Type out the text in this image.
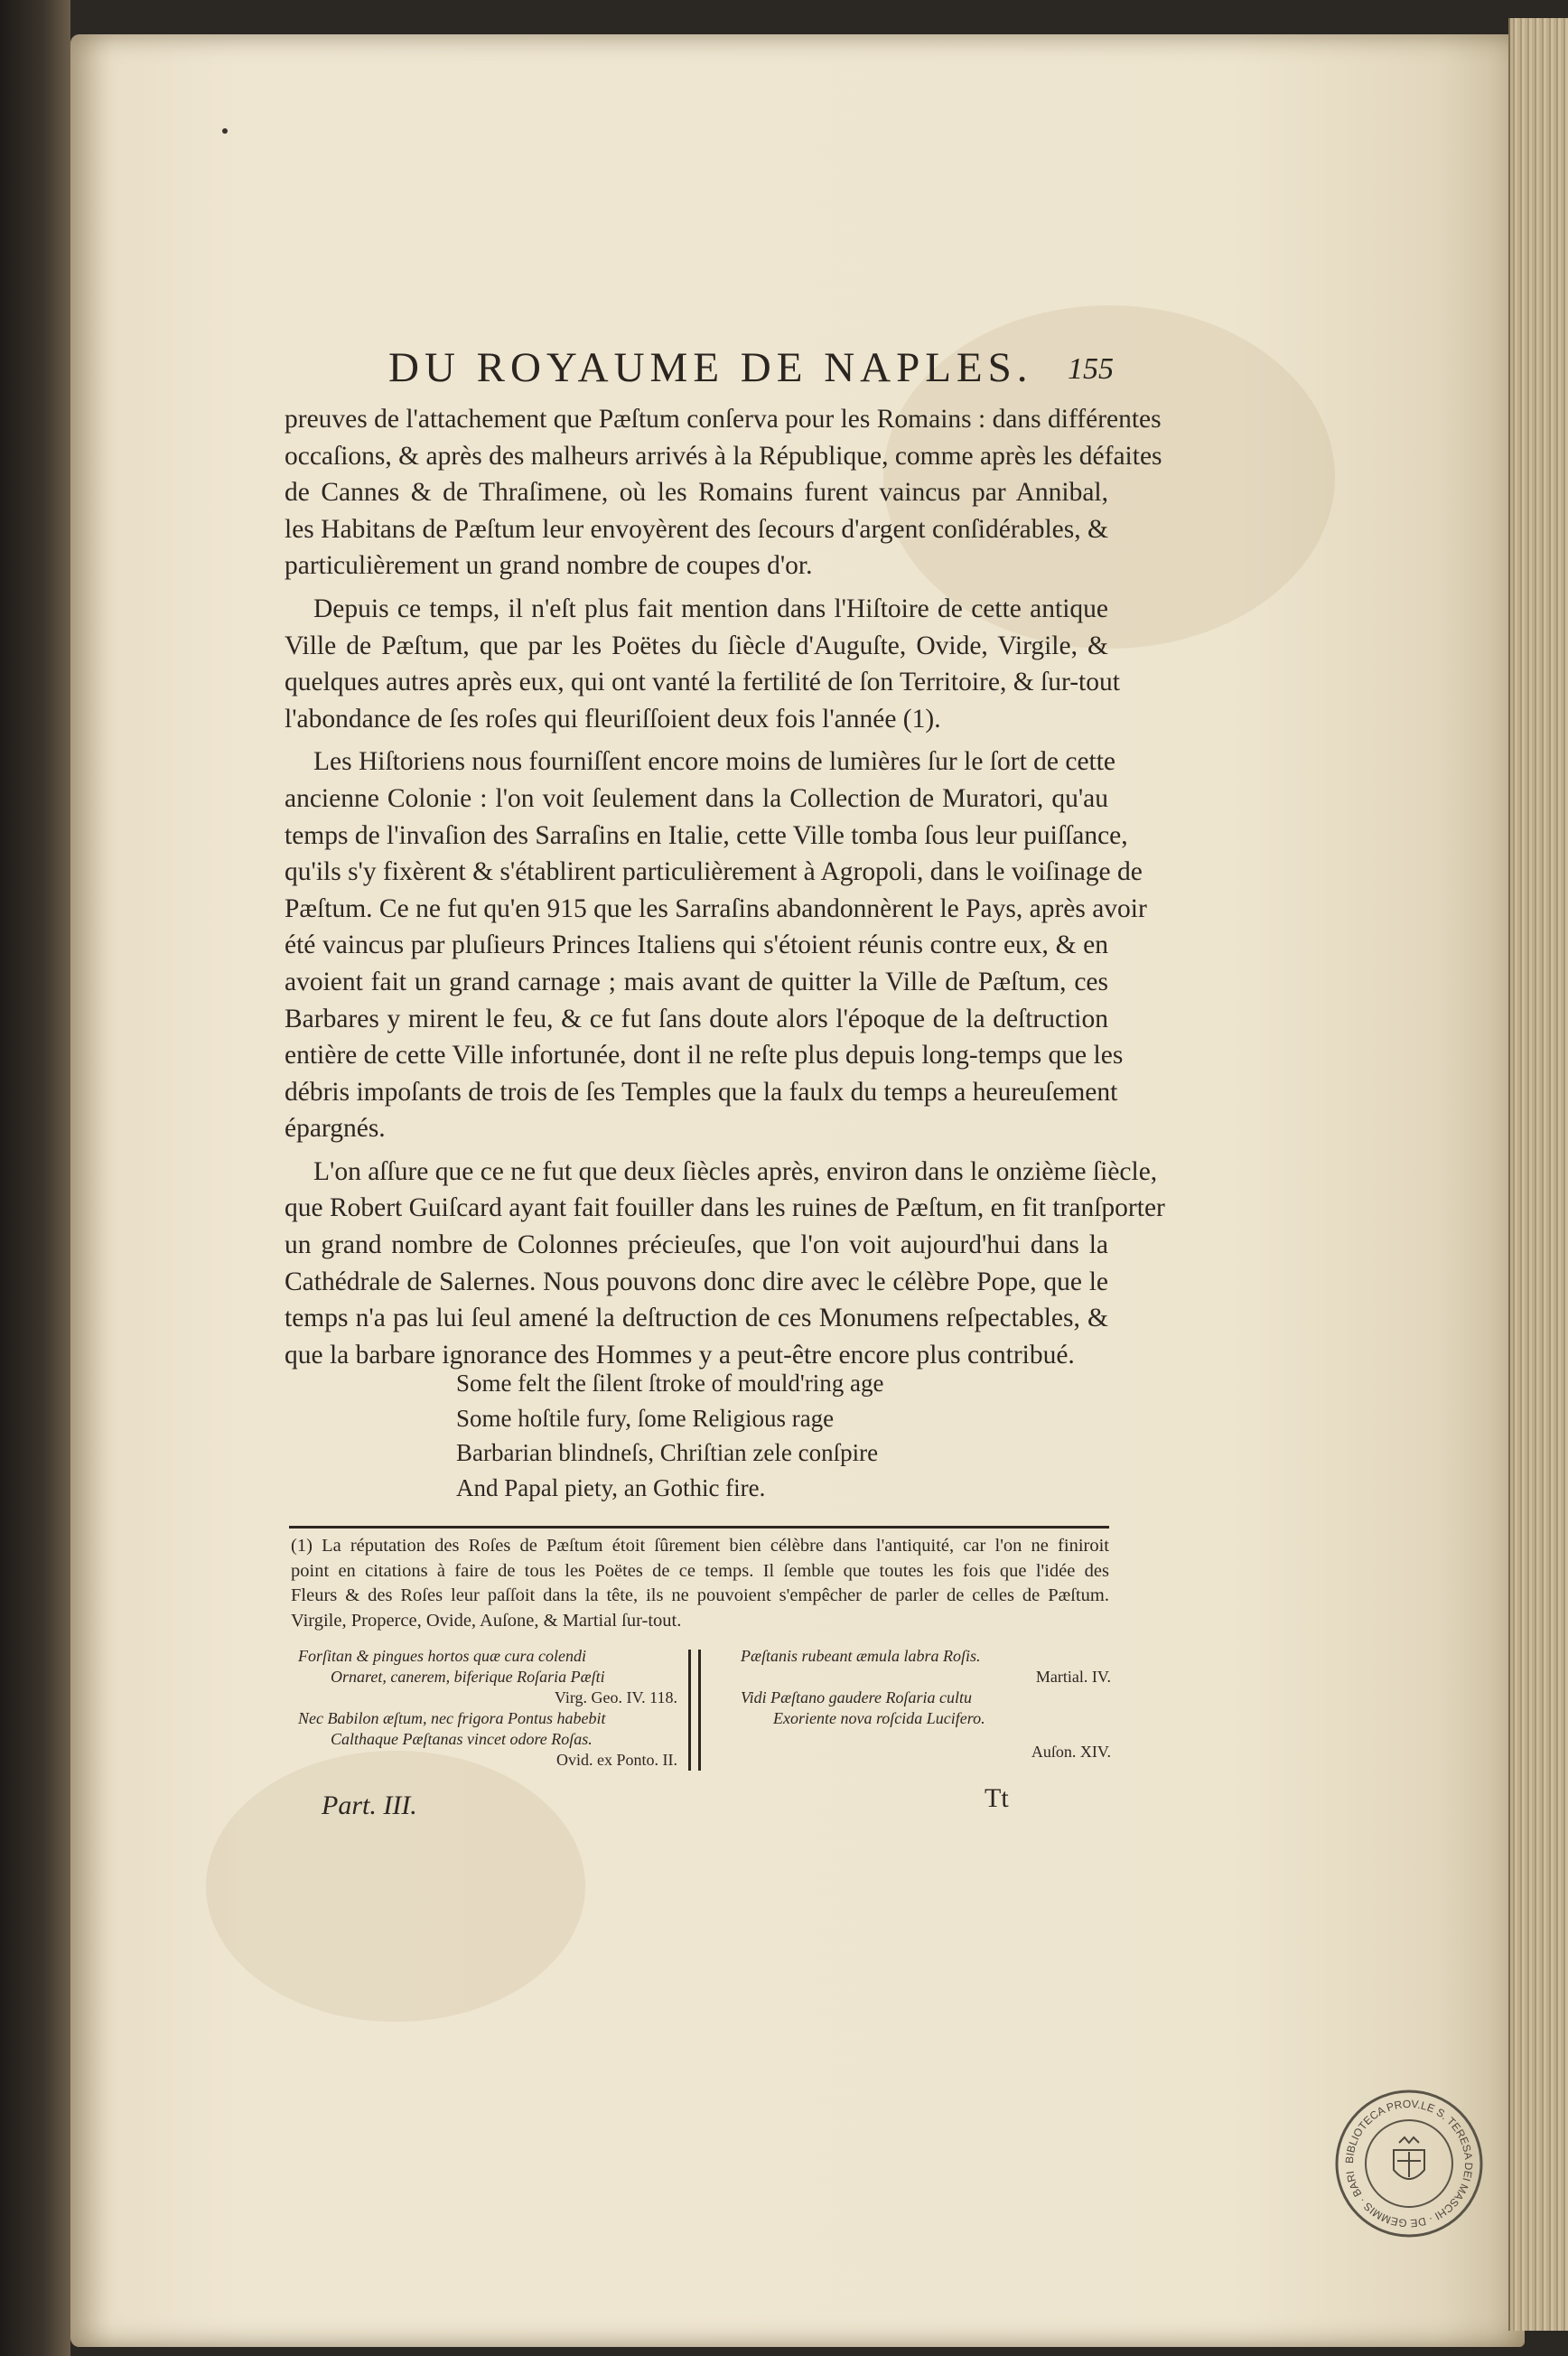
DU ROYAUME DE NAPLES. 155
preuves de l'attachement que Pæſtum conſerva pour les Romains : dans différentes
occaſions, & après des malheurs arrivés à la République, comme après les défaites
de Cannes & de Thraſimene, où les Romains furent vaincus par Annibal,
les Habitans de Pæſtum leur envoyèrent des ſecours d'argent conſidérables, &
particulièrement un grand nombre de coupes d'or.
Depuis ce temps, il n'eſt plus fait mention dans l'Hiſtoire de cette antique
Ville de Pæſtum, que par les Poëtes du ſiècle d'Auguſte, Ovide, Virgile, &
quelques autres après eux, qui ont vanté la fertilité de ſon Territoire, & ſur-tout
l'abondance de ſes roſes qui fleuriſſoient deux fois l'année (1).
Les Hiſtoriens nous fourniſſent encore moins de lumières ſur le ſort de cette
ancienne Colonie : l'on voit ſeulement dans la Collection de Muratori, qu'au
temps de l'invaſion des Sarraſins en Italie, cette Ville tomba ſous leur puiſſance,
qu'ils s'y fixèrent & s'établirent particulièrement à Agropoli, dans le voiſinage de
Pæſtum. Ce ne fut qu'en 915 que les Sarraſins abandonnèrent le Pays, après avoir
été vaincus par pluſieurs Princes Italiens qui s'étoient réunis contre eux, & en
avoient fait un grand carnage ; mais avant de quitter la Ville de Pæſtum, ces
Barbares y mirent le feu, & ce fut ſans doute alors l'époque de la deſtruction
entière de cette Ville infortunée, dont il ne reſte plus depuis long-temps que les
débris impoſants de trois de ſes Temples que la faulx du temps a heureuſement
épargnés.
L'on aſſure que ce ne fut que deux ſiècles après, environ dans le onzième ſiècle,
que Robert Guiſcard ayant fait fouiller dans les ruines de Pæſtum, en fit tranſporter
un grand nombre de Colonnes précieuſes, que l'on voit aujourd'hui dans la
Cathédrale de Salernes. Nous pouvons donc dire avec le célèbre Pope, que le
temps n'a pas lui ſeul amené la deſtruction de ces Monumens reſpectables, &
que la barbare ignorance des Hommes y a peut-être encore plus contribué.
Some felt the ſilent ſtroke of mould'ring age
Some hoſtile fury, ſome Religious rage
Barbarian blindneſs, Chriſtian zele conſpire
And Papal piety, an Gothic fire.
(1) La réputation des Roſes de Pæſtum étoit ſûrement bien célèbre dans l'antiquité, car l'on ne finiroit
point en citations à faire de tous les Poëtes de ce temps. Il ſemble que toutes les fois que l'idée des
Fleurs & des Roſes leur paſſoit dans la tête, ils ne pouvoient s'empêcher de parler de celles de Pæſtum.
Virgile, Properce, Ovide, Auſone, & Martial ſur-tout.
Forſitan & pingues hortos quæ cura colendi
Ornaret, canerem, biferique Roſaria Pæſti
Virg. Geo. IV. 118.
Nec Babilon æſtum, nec frigora Pontus habebit
Calthaque Pæſtanas vincet odore Roſas.
Ovid. ex Ponto. II.
Pæſtanis rubeant æmula labra Roſis.
Martial. IV.
Vidi Pæſtano gaudere Roſaria cultu
Exoriente nova roſcida Lucifero.
Auſon. XIV.
Part. III.	Tt
BIBLIOTECA PROV.LE S. TERESA DEI MASCHI · DE GEMMIS · BARI
